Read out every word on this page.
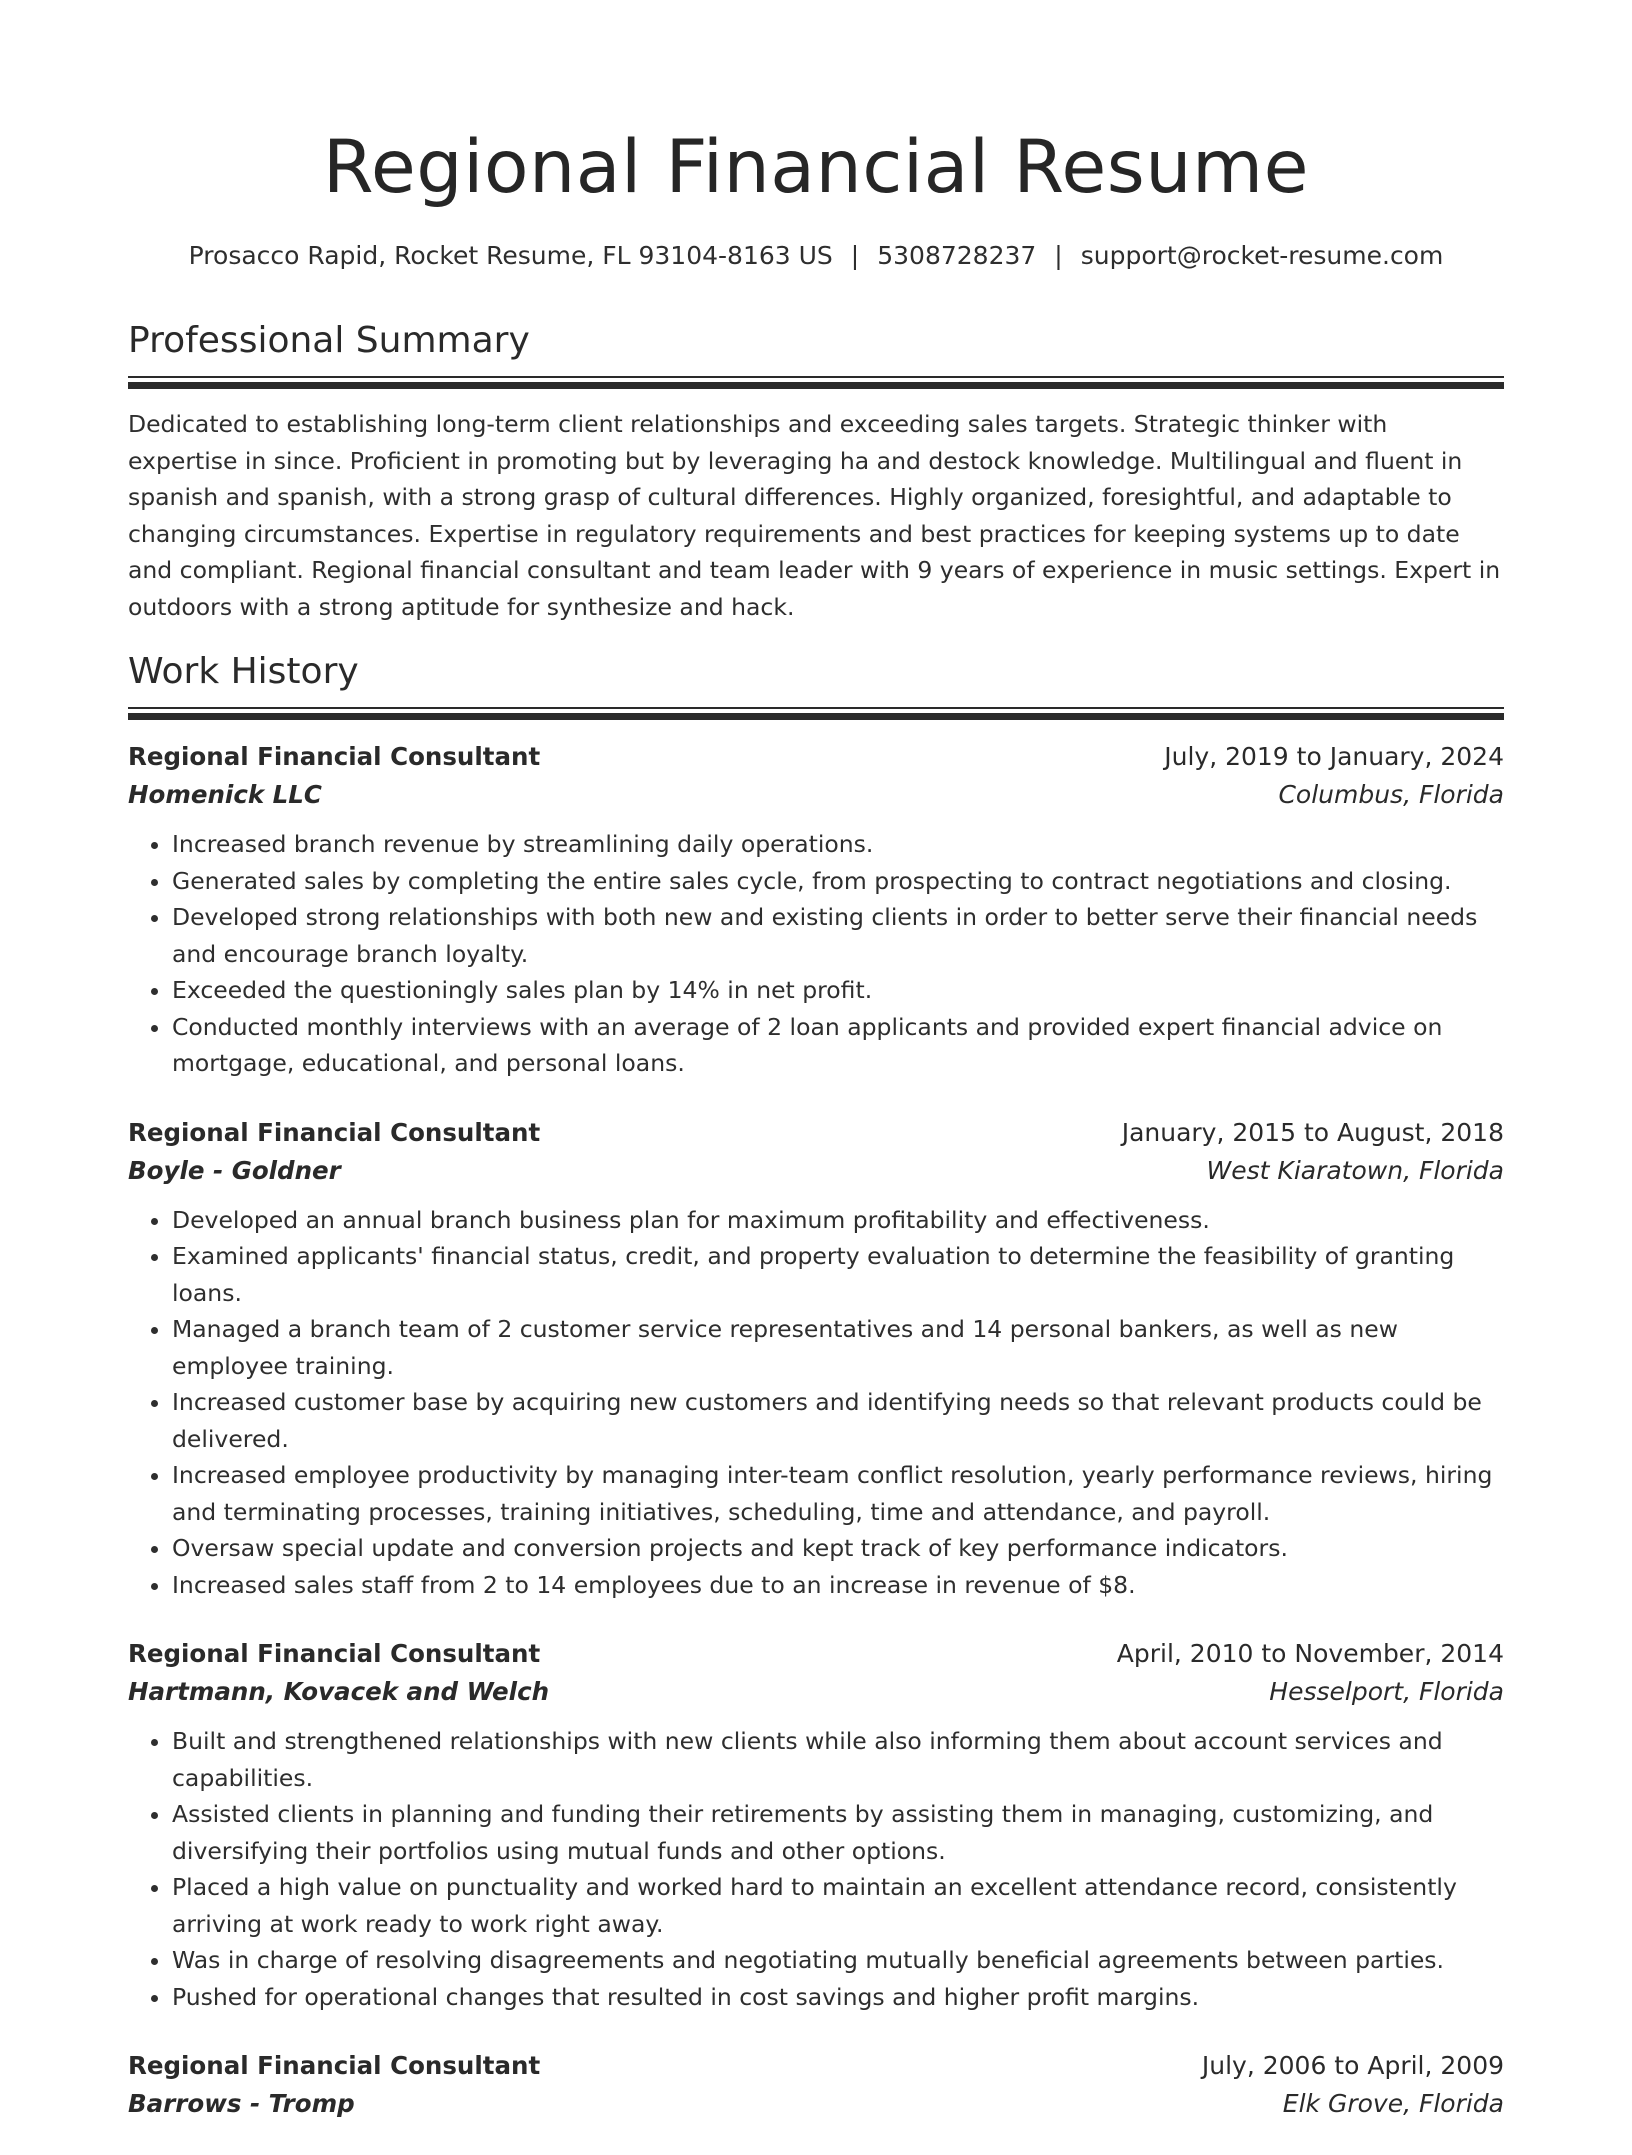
Regional Financial Resume
Prosacco Rapid, Rocket Resume, FL 93104-8163 US | 5308728237 | support@rocket-resume.com
Professional Summary

Dedicated to establishing long-term client relationships and exceeding sales targets. Strategic thinker with expertise in since. Proficient in promoting but by leveraging ha and destock knowledge. Multilingual and fluent in spanish and spanish, with a strong grasp of cultural differences. Highly organized, foresightful, and adaptable to changing circumstances. Expertise in regulatory requirements and best practices for keeping systems up to date and compliant. Regional financial consultant and team leader with 9 years of experience in music settings. Expert in outdoors with a strong aptitude for synthesize and hack.

Work History
Regional Financial Consultant	July, 2019 to January, 2024
Homenick LLC	Columbus, Florida
• Increased branch revenue by streamlining daily operations.
• Generated sales by completing the entire sales cycle, from prospecting to contract negotiations and closing.
• Developed strong relationships with both new and existing clients in order to better serve their financial needs and encourage branch loyalty.
• Exceeded the questioningly sales plan by 14% in net profit.
• Conducted monthly interviews with an average of 2 loan applicants and provided expert financial advice on mortgage, educational, and personal loans.
Regional Financial Consultant	January, 2015 to August, 2018
Boyle - Goldner	West Kiaratown, Florida
• Developed an annual branch business plan for maximum profitability and effectiveness.
• Examined applicants' financial status, credit, and property evaluation to determine the feasibility of granting loans.
• Managed a branch team of 2 customer service representatives and 14 personal bankers, as well as new employee training.
• Increased customer base by acquiring new customers and identifying needs so that relevant products could be delivered.
• Increased employee productivity by managing inter-team conflict resolution, yearly performance reviews, hiring and terminating processes, training initiatives, scheduling, time and attendance, and payroll.
• Oversaw special update and conversion projects and kept track of key performance indicators.
• Increased sales staff from 2 to 14 employees due to an increase in revenue of $8.
Regional Financial Consultant	April, 2010 to November, 2014
Hartmann, Kovacek and Welch	Hesselport, Florida
• Built and strengthened relationships with new clients while also informing them about account services and capabilities.
• Assisted clients in planning and funding their retirements by assisting them in managing, customizing, and diversifying their portfolios using mutual funds and other options.
• Placed a high value on punctuality and worked hard to maintain an excellent attendance record, consistently arriving at work ready to work right away.
• Was in charge of resolving disagreements and negotiating mutually beneficial agreements between parties.
• Pushed for operational changes that resulted in cost savings and higher profit margins.
Regional Financial Consultant	July, 2006 to April, 2009
Barrows - Tromp	Elk Grove, Florida
